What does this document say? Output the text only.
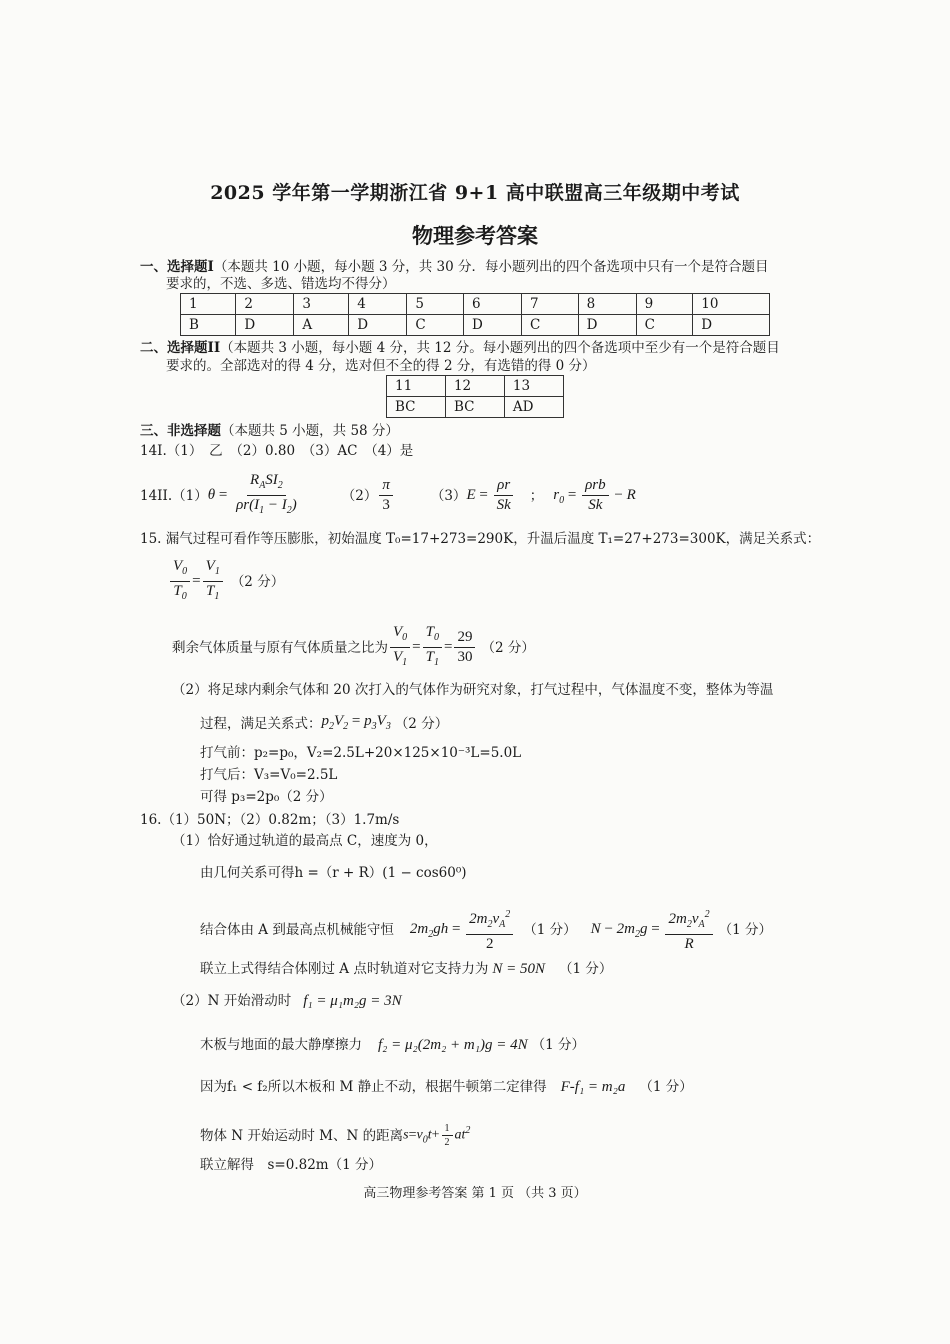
2025 学年第一学期浙江省 9+1 高中联盟高三年级期中考试
物理参考答案
一、选择题I（本题共 10 小题，每小题 3 分，共 30 分．每小题列出的四个备选项中只有一个是符合题目
要求的，不选、多选、错选均不得分）
1	2	3	4	5	6	7	8	9	10
B	D	A	D	C	D	C	D	C	D
二、选择题II（本题共 3 小题，每小题 4 分，共 12 分。每小题列出的四个备选项中至少有一个是符合题目
要求的。全部选对的得 4 分，选对但不全的得 2 分，有选错的得 0 分）
11	12	13
BC	BC	AD
三、非选择题（本题共 5 小题，共 58 分）
14I.（1）　乙　（2）0.80　（3）AC　（4）是
14II.（1） $\theta = \frac{R_ASI_2}{\rho r(I_1 - I_2)}$	$(2) \frac{\pi}{3}$	（3） $E = \frac{\rho r}{Sk}$ ； $r_0 = \frac{\text{ρrb}}{Sk} - R$
15. 漏气过程可看作等压膨胀，初始温度 T₀=17+273=290K，升温后温度 T₁=27+273=300K，满足关系式：
$\frac{V_0}{T_0} = \frac{V_1}{T_1} (2$ 分）
剩余气体质量与原有气体质量之比为 $\frac{V_0}{V_1} = \frac{T_0}{T_1} = \frac{29}{30} (2$ 分）
（2）将足球内剩余气体和 20 次打入的气体作为研究对象，打气过程中，气体温度不变，整体为等温
过程，满足关系式： $p_2V_2 = p_3V_3$ （2 分）
打气前：p₂=p₀，V₂=2.5L+20×125×10⁻³L=5.0L
打气后：V₃=V₀=2.5L
可得 p₃=2p₀（2 分）
16.（1）50N；（2）0.82m；（3）1.7m/s
（1）恰好通过轨道的最高点 C，速度为 0，
由几何关系可得h =（r + R）(1 − cos60⁰)
结合体由 A 到最高点机械能守恒 $2m_2gh = \frac{2m_2v_A^2}{2} (1$ 分） $N - 2m_2g = \frac{2m_2v_A^2}{R} (1$ 分）
联立上式得结合体刚过 A 点时轨道对它支持力为 N = 50N （1 分）
（2）N 开始滑动时 f₁ = μ₁m₂g = 3N
木板与地面的最大静摩擦力 f₂ = μ₂(2m₂ + m₁)g = 4N （1 分）
因为f₁ < f₂所以木板和 M 静止不动，根据牛顿第二定律得 F-f₁ = m₂a （1 分）
物体 N 开始运动时 M、N 的距离 $s=v_0t+ \frac{1}{2} at^2$
联立解得　s=0.82m（1 分）
高三物理参考答案 第 1 页 （共 3 页）
